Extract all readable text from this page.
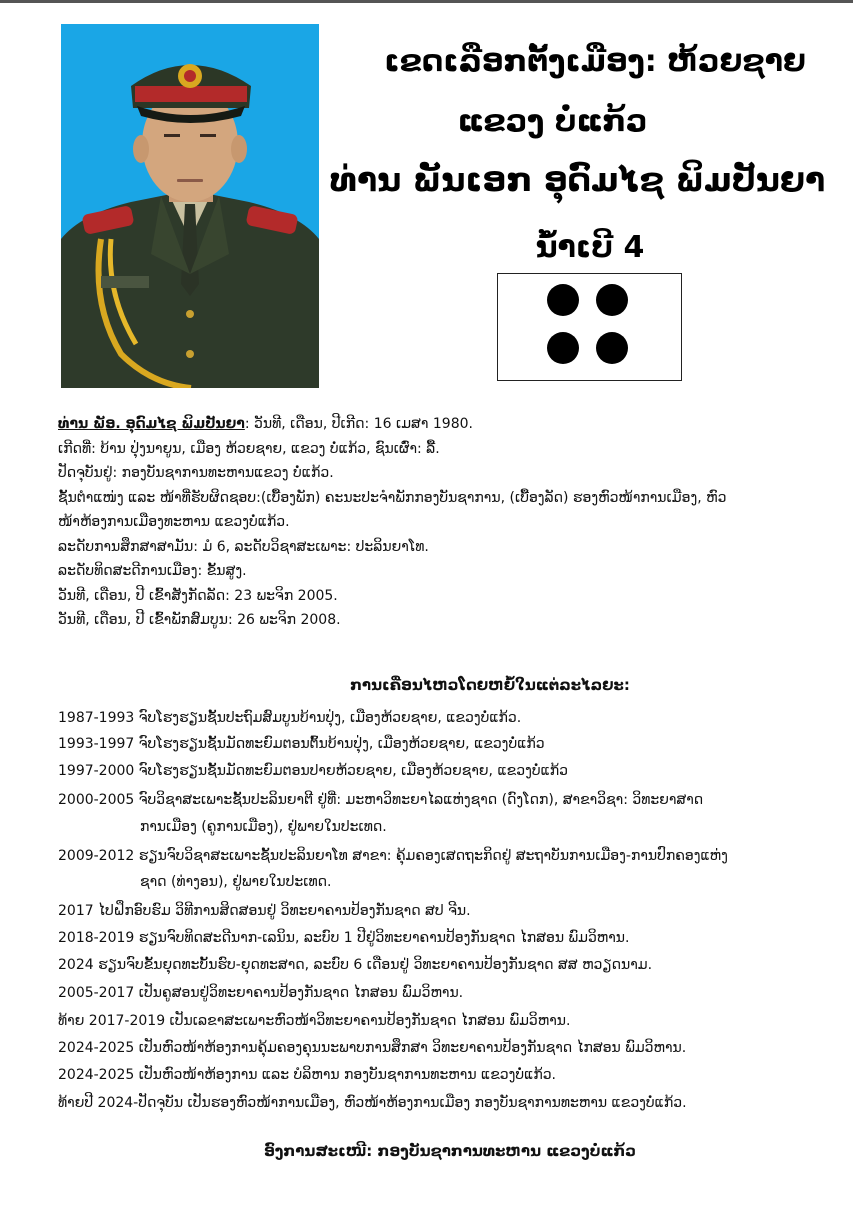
ເຂດເລືອກຕັ້ງເມືອງ: ຫ້ວຍຊາຍ
ແຂວງ ບໍ່ແກ້ວ
ທ່ານ ພັນເອກ ອຸດົມໄຊ ພິມປັນຍາ
ນໍ້າເບີ 4
ທ່ານ ພັອ. ອຸດົມໄຊ ພິມປັນຍາ: ວັນທີ, ເດືອນ, ປີເກີດ: 16 ເມສາ 1980.
ເກີດທີ່: ບ້ານ ປຸ່ງນາຍູນ, ເມືອງ ຫ້ວຍຊາຍ, ແຂວງ ບໍ່ແກ້ວ, ຊົນເຜົ່າ: ລື້.
ປັດຈຸບັນຢູ່: ກອງບັນຊາການທະຫານແຂວງ ບໍ່ແກ້ວ.
ຊັ້ນຕຳແໜ່ງ ແລະ ໜ້າທີ່ຮັບຜິດຊອບ:(ເບື້ອງພັກ) ຄະນະປະຈຳພັກກອງບັນຊາການ, (ເບື້ອງລັດ) ຮອງຫົວໜ້າການເມືອງ, ຫົວ
ໜ້າຫ້ອງການເມືອງທະຫານ ແຂວງບໍ່ແກ້ວ.
ລະດັບການສຶກສາສາມັນ: ມໍ 6, ລະດັບວິຊາສະເພາະ: ປະລິນຍາໂທ.
ລະດັບທິດສະດີການເມືອງ: ຂັ້ນສູງ.
ວັນທີ, ເດືອນ, ປີ ເຂົ້າສັງກັດລັດ: 23 ພະຈິກ 2005.
ວັນທີ, ເດືອນ, ປີ ເຂົ້າພັກສົມບູນ: 26 ພະຈິກ 2008.
ການເຄື່ອນໄຫວໂດຍຫຍໍ້ໃນແຕ່ລະໄລຍະ:
1987-1993 ຈົບໂຮງຮຽນຊັ້ນປະຖົມສົມບູນບ້ານປຸ່ງ, ເມືອງຫ້ວຍຊາຍ, ແຂວງບໍ່ແກ້ວ.
1993-1997 ຈົບໂຮງຮຽນຊັ້ນມັດທະຍົມຕອນຕົ້ນບ້ານປຸ່ງ, ເມືອງຫ້ວຍຊາຍ, ແຂວງບໍ່ແກ້ວ
1997-2000 ຈົບໂຮງຮຽນຊັ້ນມັດທະຍົມຕອນປາຍຫ້ວຍຊາຍ, ເມືອງຫ້ວຍຊາຍ, ແຂວງບໍ່ແກ້ວ
2000-2005 ຈົບວິຊາສະເພາະຊັ້ນປະລິນຍາຕີ ຢູ່ທີ່: ມະຫາວິທະຍາໄລແຫ່ງຊາດ (ດົງໂດກ), ສາຂາວິຊາ: ວິທະຍາສາດ
ການເມືອງ (ຄູການເມືອງ), ຢູ່ພາຍໃນປະເທດ.
2009-2012 ຮຽນຈົບວິຊາສະເພາະຊັ້ນປະລິນຍາໂທ ສາຂາ: ຄຸ້ມຄອງເສດຖະກິດຢູ່ ສະຖາບັນການເມືອງ-ການປົກຄອງແຫ່ງ
ຊາດ (ທ່າງອນ), ຢູ່ພາຍໃນປະເທດ.
2017 ໄປຝຶກອົບຮົມ ວິທີການສິດສອນຢູ່ ວິທະຍາຄານປ້ອງກັນຊາດ ສປ ຈີນ.
2018-2019 ຮຽນຈົບທິດສະດີນາກ-ເລນິນ, ລະບົບ 1 ປີຢູ່ວິທະຍາຄານປ້ອງກັນຊາດ ໄກສອນ ພົມວິຫານ.
2024 ຮຽນຈົບຂັ້ນຍຸດທະບັ້ນຮົບ-ຍຸດທະສາດ, ລະບົບ 6 ເດືອນຢູ່ ວິທະຍາຄານປ້ອງກັນຊາດ ສສ ຫວຽດນາມ.
2005-2017 ເປັນຄູສອນຢູ່ວິທະຍາຄານປ້ອງກັນຊາດ ໄກສອນ ພົມວິຫານ.
ທ້າຍ 2017-2019 ເປັນເລຂາສະເພາະຫົວໜ້າວິທະຍາຄານປ້ອງກັນຊາດ ໄກສອນ ພົມວິຫານ.
2024-2025 ເປັນຫົວໜ້າຫ້ອງການຄຸ້ມຄອງຄຸນນະພາບການສຶກສາ ວິທະຍາຄານປ້ອງກັນຊາດ ໄກສອນ ພົມວິຫານ.
2024-2025 ເປັນຫົວໜ້າຫ້ອງການ ແລະ ບໍລິຫານ ກອງບັນຊາການທະຫານ ແຂວງບໍ່ແກ້ວ.
ທ້າຍປີ 2024-ປັດຈຸບັນ ເປັນຮອງຫົວໜ້າການເມືອງ, ຫົວໜ້າຫ້ອງການເມືອງ ກອງບັນຊາການທະຫານ ແຂວງບໍ່ແກ້ວ.
ອົງການສະເໜີ: ກອງບັນຊາການທະຫານ ແຂວງບໍ່ແກ້ວ
